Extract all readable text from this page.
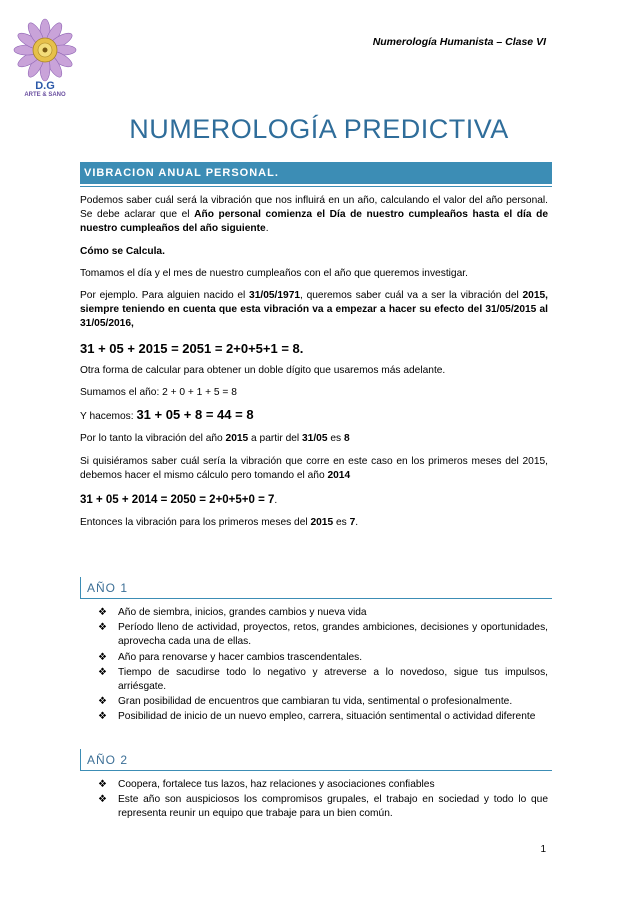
Numerología Humanista – Clase VI
D.G
ARTE & SANO
NUMEROLOGÍA PREDICTIVA
VIBRACION ANUAL PERSONAL.

Podemos saber cuál será la vibración que nos influirá en un año, calculando el valor del año personal. Se debe aclarar que el Año personal comienza el Día de nuestro cumpleaños hasta el día de nuestro cumpleaños del año siguiente.

Cómo se Calcula.

Tomamos el día y el mes de nuestro cumpleaños con el año que queremos investigar.

Por ejemplo. Para alguien nacido el 31/05/1971, queremos saber cuál va a ser la vibración del 2015, siempre teniendo en cuenta que esta vibración va a empezar a hacer su efecto del 31/05/2015 al 31/05/2016,

31 + 05 + 2015 = 2051 = 2+0+5+1 = 8.

Otra forma de calcular para obtener un doble dígito que usaremos más adelante.

Sumamos el año: 2 + 0 + 1 + 5 = 8

Y hacemos: 31 + 05 + 8 = 44 = 8

Por lo tanto la vibración del año 2015 a partir del 31/05 es 8

Si quisiéramos saber cuál sería la vibración que corre en este caso en los primeros meses del 2015, debemos hacer el mismo cálculo pero tomando el año 2014

31 + 05 + 2014 = 2050 = 2+0+5+0 = 7.

Entonces la vibración para los primeros meses del 2015 es 7.

AÑO 1
❖ Año de siembra, inicios, grandes cambios y nueva vida
❖ Período lleno de actividad, proyectos, retos, grandes ambiciones, decisiones y oportunidades, aprovecha cada una de ellas.
❖ Año para renovarse y hacer cambios trascendentales.
❖ Tiempo de sacudirse todo lo negativo y atreverse a lo novedoso, sigue tus impulsos, arriésgate.
❖ Gran posibilidad de encuentros que cambiaran tu vida, sentimental o profesionalmente.
❖ Posibilidad de inicio de un nuevo empleo, carrera, situación sentimental o actividad diferente
AÑO 2
❖ Coopera, fortalece tus lazos, haz relaciones y asociaciones confiables
❖ Este año son auspiciosos los compromisos grupales, el trabajo en sociedad y todo lo que representa reunir un equipo que trabaje para un bien común.
1
